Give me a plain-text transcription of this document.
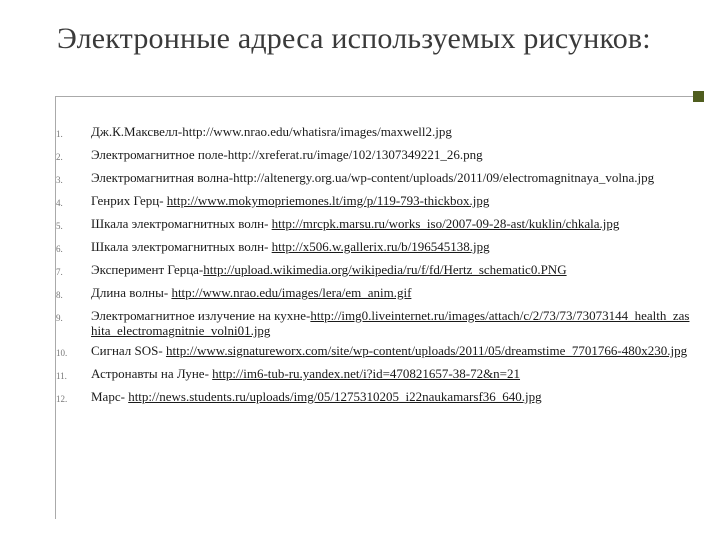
Электронные адреса используемых рисунков:
1.	Дж.К.Максвелл-http://www.nrao.edu/whatisra/images/maxwell2.jpg
2.	Электромагнитное поле-http://xreferat.ru/image/102/1307349221_26.png
3.	Электромагнитная волна-http://altenergy.org.ua/wp-content/uploads/2011/09/electromagnitnaya_volna.jpg
4.	Генрих Герц- http://www.mokymopriemones.lt/img/p/119-793-thickbox.jpg
5.	Шкала электромагнитных волн- http://mrcpk.marsu.ru/works_iso/2007-09-28-ast/kuklin/chkala.jpg
6.	Шкала электромагнитных волн- http://x506.w.gallerix.ru/b/196545138.jpg
7.	Эксперимент Герца-http://upload.wikimedia.org/wikipedia/ru/f/fd/Hertz_schematic0.PNG
8.	Длина волны- http://www.nrao.edu/images/lera/em_anim.gif
9.	Электромагнитное излучение на кухне-http://img0.liveinternet.ru/images/attach/c/2/73/73/73073144_health_zashita_electromagnitnie_volni01.jpg
10.	Сигнал SOS- http://www.signatureworx.com/site/wp-content/uploads/2011/05/dreamstime_7701766-480x230.jpg
11.	Астронавты на Луне- http://im6-tub-ru.yandex.net/i?id=470821657-38-72&n=21
12.	Марс- http://news.students.ru/uploads/img/05/1275310205_i22naukamarsf36_640.jpg
